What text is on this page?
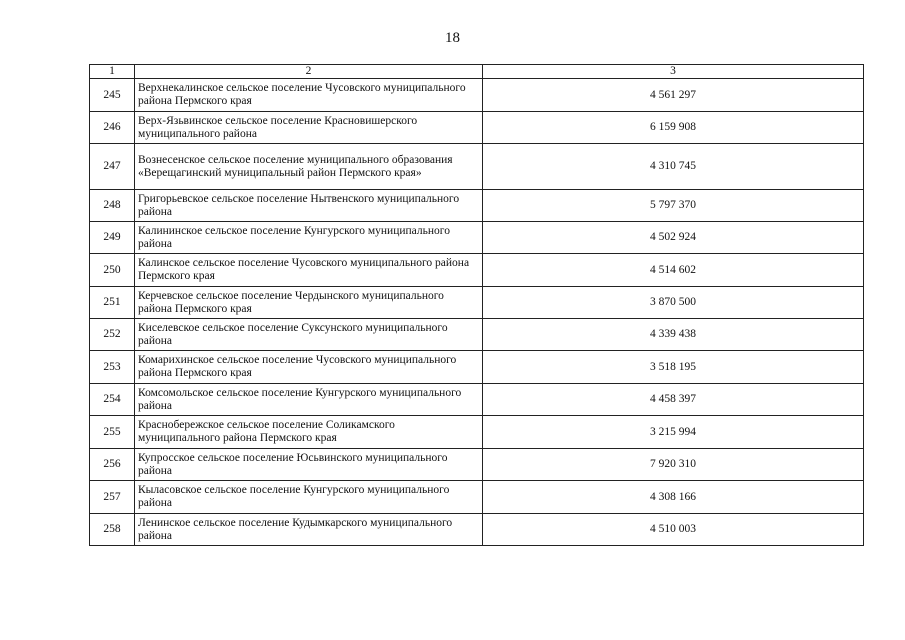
18
1	2	3
245	Верхнекалинское сельское поселение Чусовского муниципального района Пермского края	4 561 297
246	Верх-Язьвинское сельское поселение Красновишерского муниципального района	6 159 908
247	Вознесенское сельское поселение муниципального образования «Верещагинский муниципальный район Пермского края»	4 310 745
248	Григорьевское сельское поселение Нытвенского муниципального района	5 797 370
249	Калининское сельское поселение Кунгурского муниципального района	4 502 924
250	Калинское сельское поселение Чусовского муниципального района Пермского края	4 514 602
251	Керчевское сельское поселение Чердынского муниципального района Пермского края	3 870 500
252	Киселевское сельское поселение Суксунского муниципального района	4 339 438
253	Комарихинское сельское поселение Чусовского муниципального района Пермского края	3 518 195
254	Комсомольское сельское поселение Кунгурского муниципального района	4 458 397
255	Краснобережское сельское поселение Соликамского муниципального района Пермского края	3 215 994
256	Купросское сельское поселение Юсьвинского муниципального района	7 920 310
257	Кыласовское сельское поселение Кунгурского муниципального района	4 308 166
258	Ленинское сельское поселение Кудымкарского муниципального района	4 510 003
